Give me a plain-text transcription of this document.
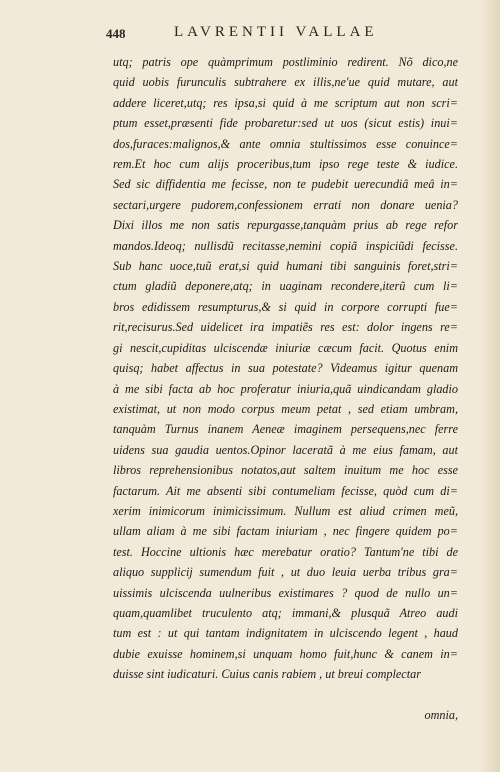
448	LAVRENTII VALLAE
utq; patris ope quàmprimum postliminio redirent. Nõ dico,ne
quid uobis furunculis subtrahere ex illis,ne'ue quid mutare, aut
addere liceret,utq; res ipsa,si quid à me scriptum aut non scri=
ptum esset,præsenti fide probaretur:sed ut uos (sicut estis) inui=
dos,furaces:malignos,& ante omnia stultissimos esse conuince=
rem.Et hoc cum alijs proceribus,tum ipso rege teste & iudice.
Sed sic diffidentia me fecisse, non te pudebit uerecundiâ meâ in=
sectari,urgere pudorem,confessionem errati non donare uenia?
Dixi illos me non satis repurgasse,tanquàm prius ab rege refor
mandos.Ideoq; nullisdũ recitasse,nemini copiã inspiciũdi fecisse.
Sub hanc uoce,tuũ erat,si quid humani tibi sanguinis foret,stri=
ctum gladiũ deponere,atq; in uaginam recondere,iterũ cum li=
bros edidissem resumpturus,& si quid in corpore corrupti fue=
rit,recisurus.Sed uidelicet ira impatiẽs res est: dolor ingens re=
gi nescit,cupiditas ulciscendæ iniuriæ cæcum facit. Quotus enim
quisq; habet affectus in sua potestate? Videamus igitur quenam
à me sibi facta ab hoc proferatur iniuria,quã uindicandam gladio
existimat, ut non modo corpus meum petat , sed etiam umbram,
tanquàm Turnus inanem Aeneæ imaginem persequens,nec ferre
uidens sua gaudia uentos.Opinor laceratã à me eius famam, aut
libros reprehensionibus notatos,aut saltem inuitum me hoc esse
factarum. Ait me absenti sibi contumeliam fecisse, quòd cum di=
xerim inimicorum inimicissimum. Nullum est aliud crimen meũ,
ullam aliam à me sibi factam iniuriam , nec fingere quidem po=
test. Hoccine ultionis hæc merebatur oratio? Tantum'ne tibi de
aliquo supplicij sumendum fuit , ut duo leuia uerba tribus gra=
uissimis ulciscenda uulneribus existimares ? quod de nullo un=
quam,quamlibet truculento atq; immani,& plusquã Atreo audi
tum est : ut qui tantam indignitatem in ulciscendo legent , haud
dubie exuisse hominem,si unquam homo fuit,hunc & canem in=
duisse sint iudicaturi. Cuius canis rabiem , ut breui complectar
omnia,
